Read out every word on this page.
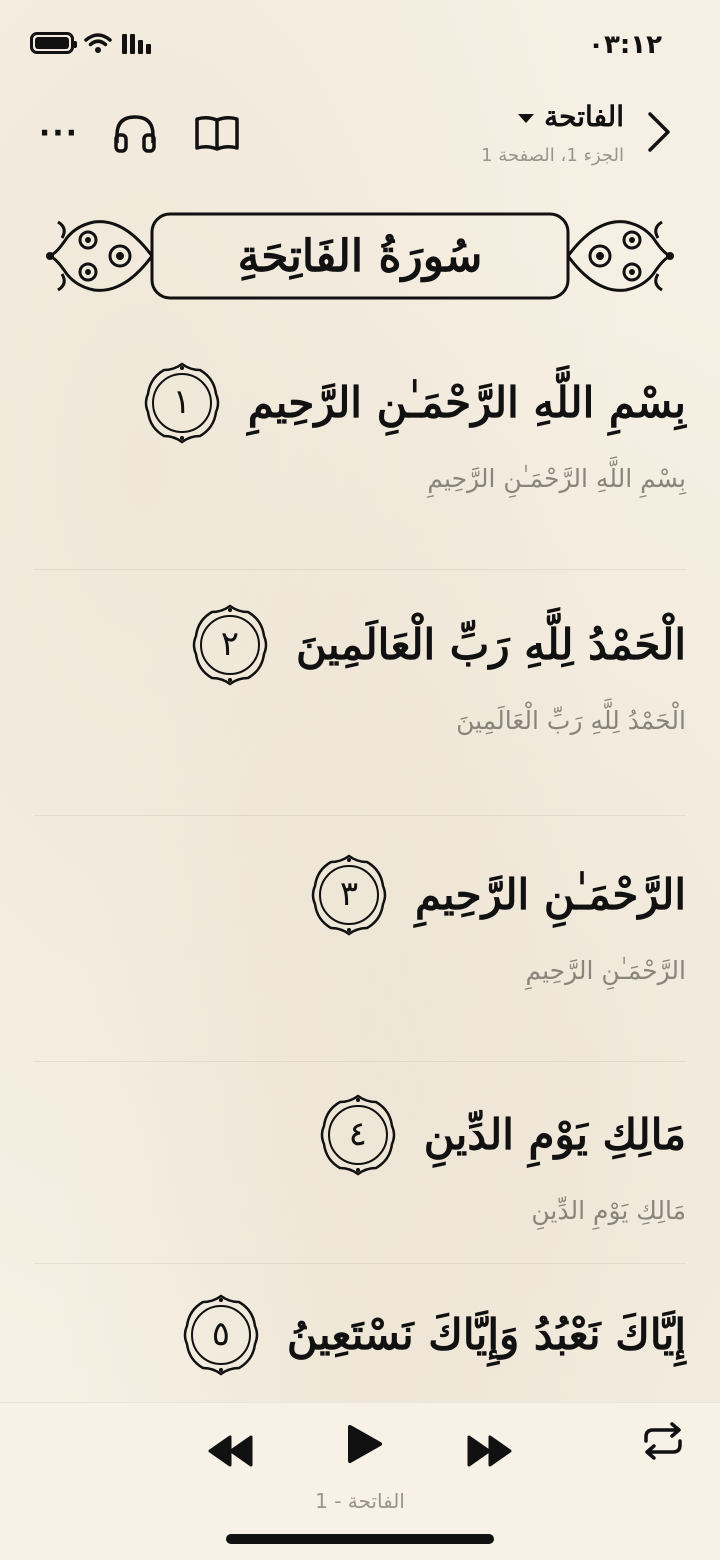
٠٣:١٢
···	الفاتحة
الجزء 1، الصفحة 1
سُورَةُ الفَاتِحَةِ
بِسْمِ اللَّهِ الرَّحْمَـٰنِ الرَّحِيمِ
١
بِسْمِ اللَّهِ الرَّحْمَـٰنِ الرَّحِيمِ
الْحَمْدُ لِلَّهِ رَبِّ الْعَالَمِينَ
٢
الْحَمْدُ لِلَّهِ رَبِّ الْعَالَمِينَ
الرَّحْمَـٰنِ الرَّحِيمِ
٣
الرَّحْمَـٰنِ الرَّحِيمِ
مَالِكِ يَوْمِ الدِّينِ
٤
مَالِكِ يَوْمِ الدِّينِ
إِيَّاكَ نَعْبُدُ وَإِيَّاكَ نَسْتَعِينُ
٥
الفاتحة - 1
